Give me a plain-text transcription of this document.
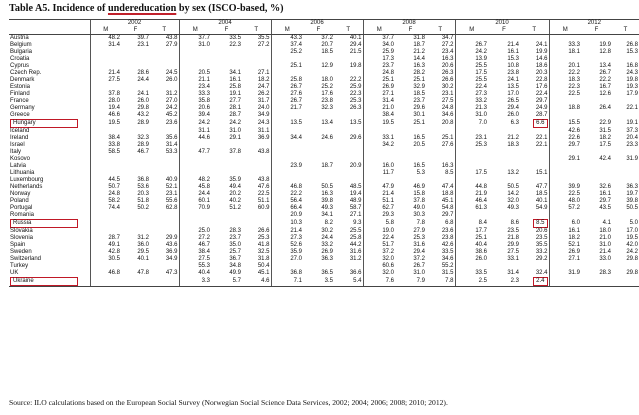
Table A5. Incidence of undereducation by sex (ISCO-based, %)
	2002			2004			2006			2008			2010			2012		
	M	F	T	M	F	T	M	F	T	M	F	T	M	F	T	M	F	T
Austria	48.2	39.7	43.8	37.7	33.5	35.5	43.3	37.2	40.1	37.7	31.8	34.7						
Belgium	31.4	23.1	27.9	31.0	22.3	27.2	37.4	20.7	29.4	34.0	18.7	27.2	26.7	21.4	24.1	33.3	19.9	26.8
Bulgaria							25.2	18.5	21.5	25.9	21.2	23.4	24.2	16.1	19.9	18.1	12.8	15.3
Croatia										17.3	14.4	16.3	13.9	15.3	14.6			
Cyprus							25.1	12.9	19.8	23.7	16.3	20.6	25.5	10.8	18.6	20.1	13.4	16.8
Czech Rep.	21.4	28.6	24.5	20.5	34.1	27.1				24.8	28.2	26.3	17.5	23.8	20.3	22.2	26.7	24.3
Denmark	27.5	24.4	26.0	21.1	16.1	18.2	25.8	18.0	22.2	25.1	25.1	26.6	25.5	24.1	22.8	18.3	22.2	19.8
Estonia				23.4	25.8	24.7	26.7	25.2	25.9	26.9	32.9	30.2	22.4	13.5	17.6	22.3	16.7	19.3
Finland	37.8	24.1	31.2	33.3	19.1	26.2	27.6	17.6	22.3	27.1	18.5	23.1	27.3	17.0	22.4	22.5	12.6	17.9
France	28.0	26.0	27.0	35.8	27.7	31.7	26.7	23.8	25.3	31.4	23.7	27.5	33.2	26.5	29.7			
Germany	19.4	29.8	24.2	20.6	28.1	24.0	21.7	32.3	26.3	21.0	29.6	24.8	21.3	29.4	24.9	18.8	26.4	22.1
Greece	46.6	43.2	45.2	39.4	28.7	34.9				38.4	30.1	34.6	31.0	26.0	28.7			
Hungary	19.5	28.9	23.6	24.2	24.2	24.3	13.5	13.4	13.5	19.5	25.1	20.8	7.0	6.3	6.6	15.5	22.9	19.1
Iceland				31.1	31.0	31.1										42.6	31.5	37.3
Ireland	38.4	32.3	35.6	44.6	29.1	36.9	34.4	24.6	29.6	33.1	16.5	25.1	23.1	21.2	22.1	22.6	18.2	20.4
Israel	33.8	28.9	31.4							34.2	20.5	27.6	25.3	18.3	22.1	29.7	17.5	23.3
Italy	58.5	46.7	53.3	47.7	37.8	43.8												
Kosovo																29.1	42.4	31.9
Latvia							23.9	18.7	20.9	16.0	16.5	16.3						
Lithuania										11.7	5.3	8.5	17.5	13.2	15.1			
Luxembourg	44.5	36.8	40.9	48.2	35.9	43.8												
Netherlands	50.7	53.6	52.1	45.8	49.4	47.6	46.8	50.5	48.5	47.9	46.9	47.4	44.8	50.5	47.7	39.9	32.6	36.3
Norway	24.8	20.3	23.1	24.4	20.2	22.5	22.2	16.3	19.4	21.4	15.8	18.8	21.9	14.2	18.5	22.5	16.1	19.7
Poland	58.2	51.8	55.6	60.1	40.2	51.1	56.4	39.8	48.9	51.1	37.8	45.1	46.4	32.0	40.1	48.0	29.7	39.8
Portugal	74.4	50.2	62.8	70.9	51.2	60.9	66.4	49.3	58.7	62.7	49.0	54.8	61.3	49.3	54.9	57.2	43.5	50.5
Romania							20.9	34.1	27.1	29.3	30.3	29.7						
Russia							10.3	8.2	9.3	5.8	7.8	6.8	8.4	8.6	8.5	6.0	4.1	5.0
Slovakia				25.0	28.3	26.6	21.4	30.2	25.5	19.0	27.9	23.6	17.7	23.5	20.6	16.1	18.0	17.0
Slovenia	28.7	31.2	29.9	27.2	23.7	25.3	27.3	24.4	25.8	22.4	25.3	23.8	25.1	21.8	23.5	18.2	21.0	19.5
Spain	49.1	36.0	43.6	46.7	35.0	41.8	52.6	33.2	44.2	51.7	31.6	42.6	40.4	29.9	35.5	52.1	31.0	42.0
Sweden	42.8	29.5	36.9	38.4	25.7	32.5	35.9	26.9	31.6	37.2	29.4	33.5	38.6	27.5	33.2	26.9	21.4	24.2
Switzerland	30.5	40.1	34.9	27.5	36.7	31.8	27.0	36.3	31.2	32.0	37.2	34.6	26.0	33.1	29.2	27.1	33.0	29.8
Turkey				55.3	34.8	50.4				60.6	26.7	55.2						
UK	46.8	47.8	47.3	40.4	49.9	45.1	36.8	36.5	36.6	32.0	31.0	31.5	33.5	31.4	32.4	31.9	28.3	29.8
Ukraine				3.3	5.7	4.6	7.1	3.5	5.4	7.6	7.9	7.8	2.5	2.3	2.4			
Source: ILO calculations based on the European Social Survey (Norwegian Social Science Data Services, 2002; 2004; 2006; 2008; 2010; 2012).
